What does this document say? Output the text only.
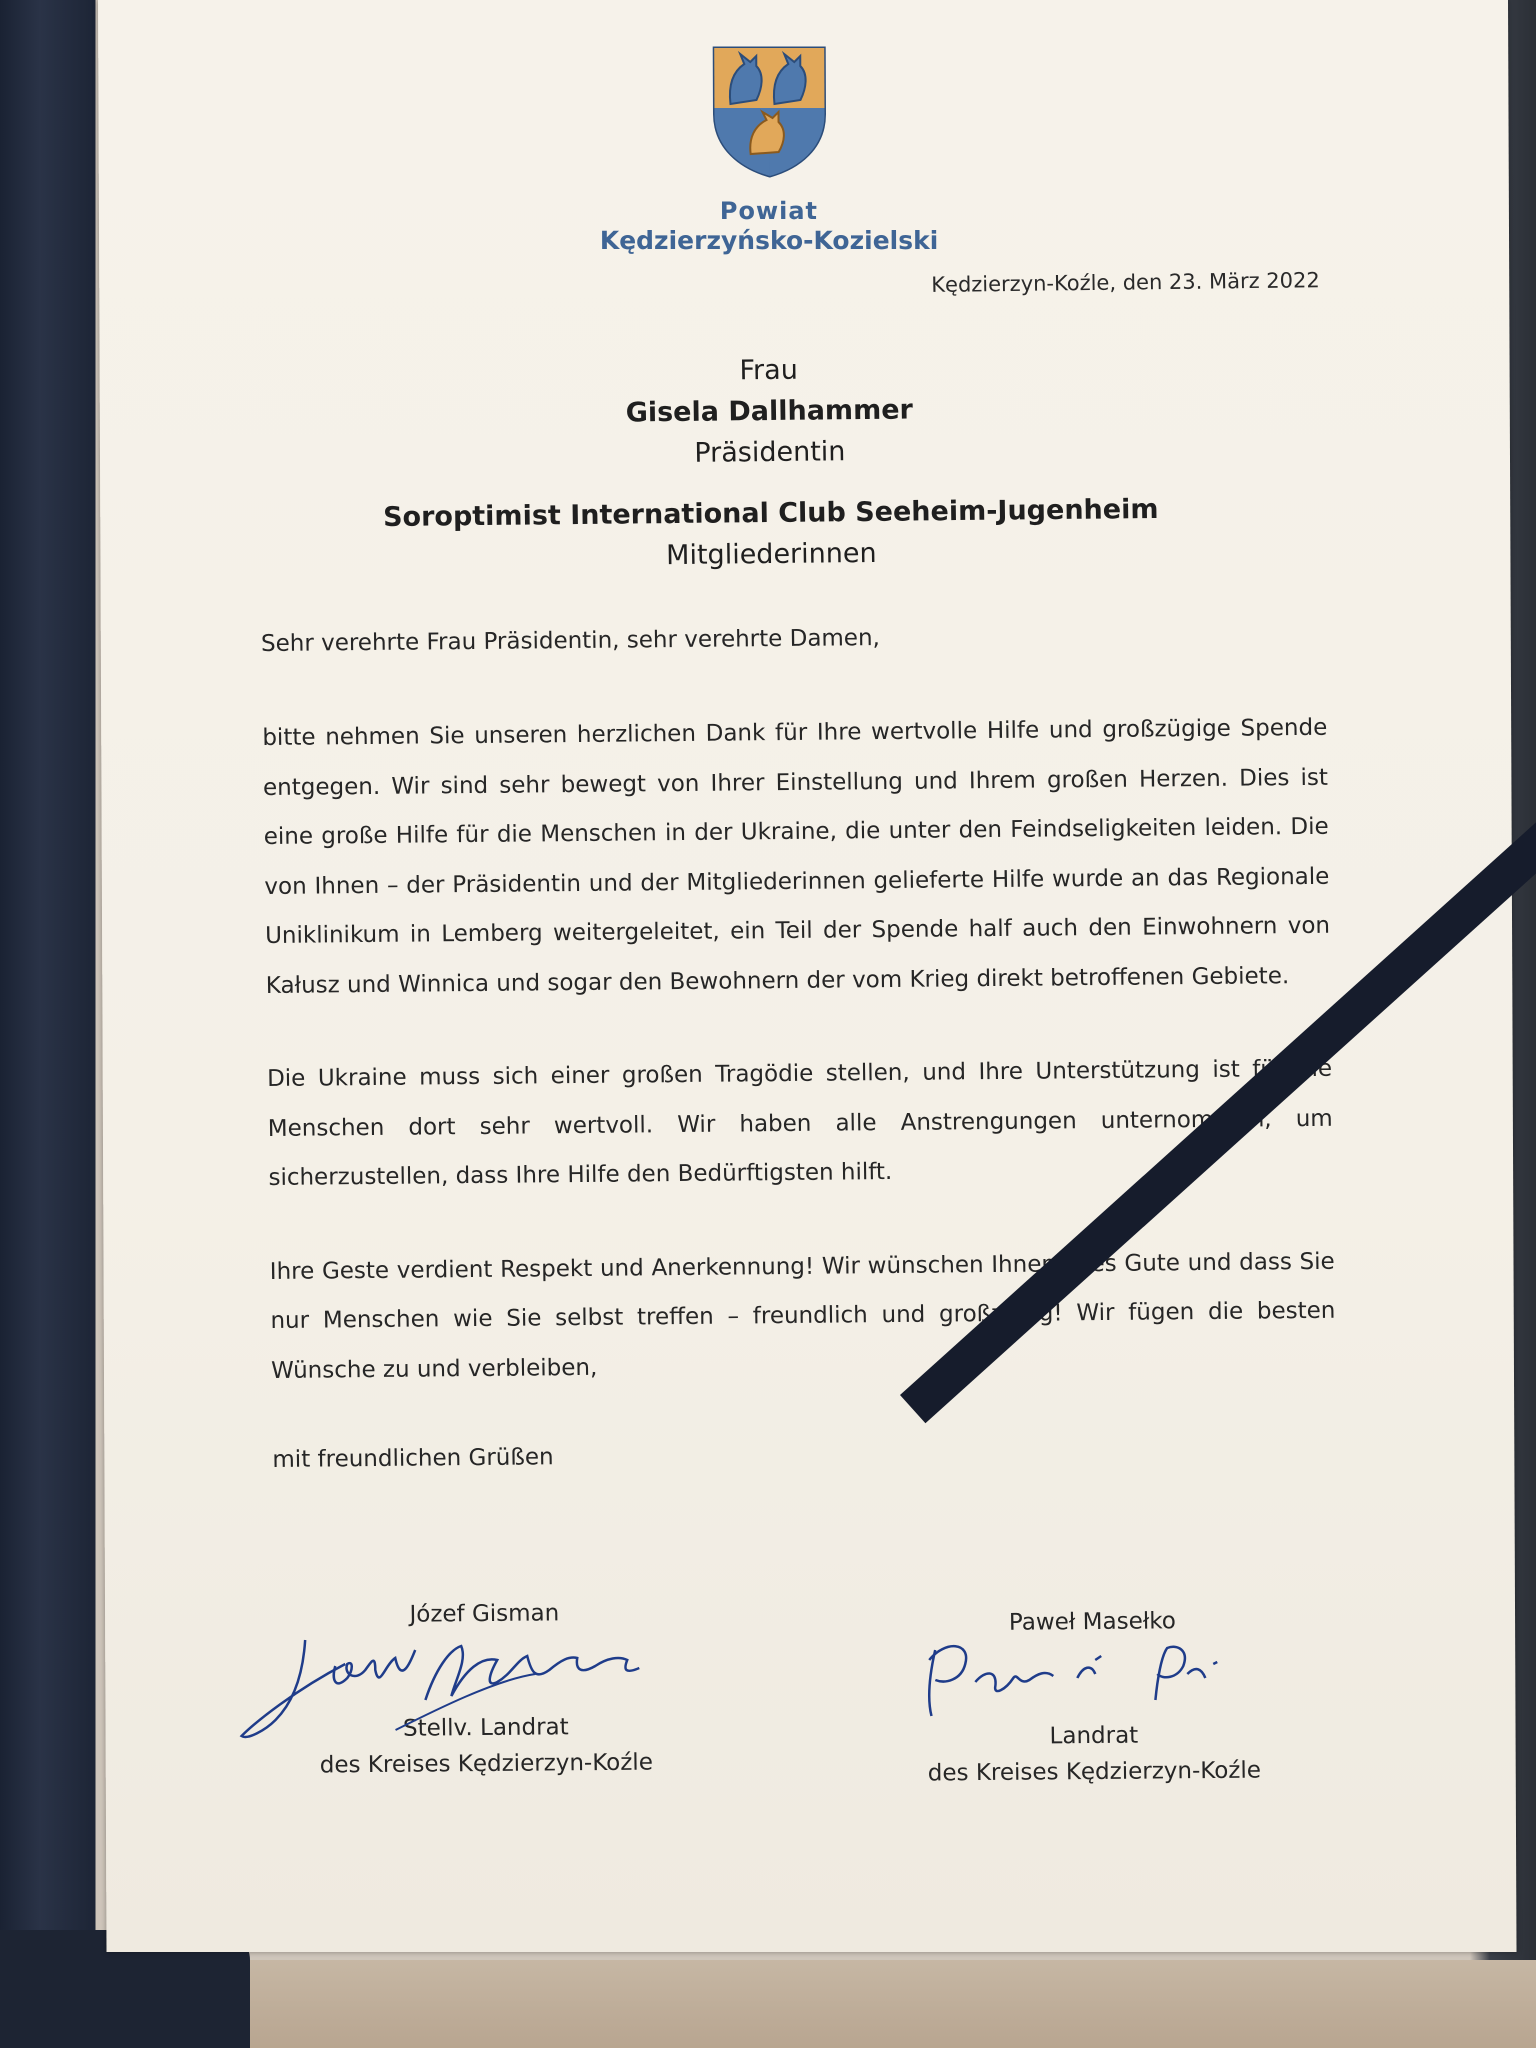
Powiat
Kędzierzyńsko-Kozielski
Kędzierzyn-Koźle, den 23. März 2022
Frau
Gisela Dallhammer
Präsidentin
Soroptimist International Club Seeheim-Jugenheim
Mitgliederinnen
Sehr verehrte Frau Präsidentin, sehr verehrte Damen,
bitte nehmen Sie unseren herzlichen Dank für Ihre wertvolle Hilfe und großzügige Spende entgegen. Wir sind sehr bewegt von Ihrer Einstellung und Ihrem großen Herzen. Dies ist eine große Hilfe für die Menschen in der Ukraine, die unter den Feindseligkeiten leiden. Die von Ihnen – der Präsidentin und der Mitgliederinnen gelieferte Hilfe wurde an das Regionale Uniklinikum in Lemberg weitergeleitet, ein Teil der Spende half auch den Einwohnern von Kałusz und Winnica und sogar den Bewohnern der vom Krieg direkt betroffenen Gebiete.
Die Ukraine muss sich einer großen Tragödie stellen, und Ihre Unterstützung ist für die Menschen dort sehr wertvoll. Wir haben alle Anstrengungen unternommen, um sicherzustellen, dass Ihre Hilfe den Bedürftigsten hilft.
Ihre Geste verdient Respekt und Anerkennung! Wir wünschen Ihnen alles Gute und dass Sie nur Menschen wie Sie selbst treffen – freundlich und großzügig! Wir fügen die besten Wünsche zu und verbleiben,
mit freundlichen Grüßen
Józef Gisman
Stellv. Landrat
des Kreises Kędzierzyn-Koźle
Paweł Masełko
Landrat
des Kreises Kędzierzyn-Koźle
